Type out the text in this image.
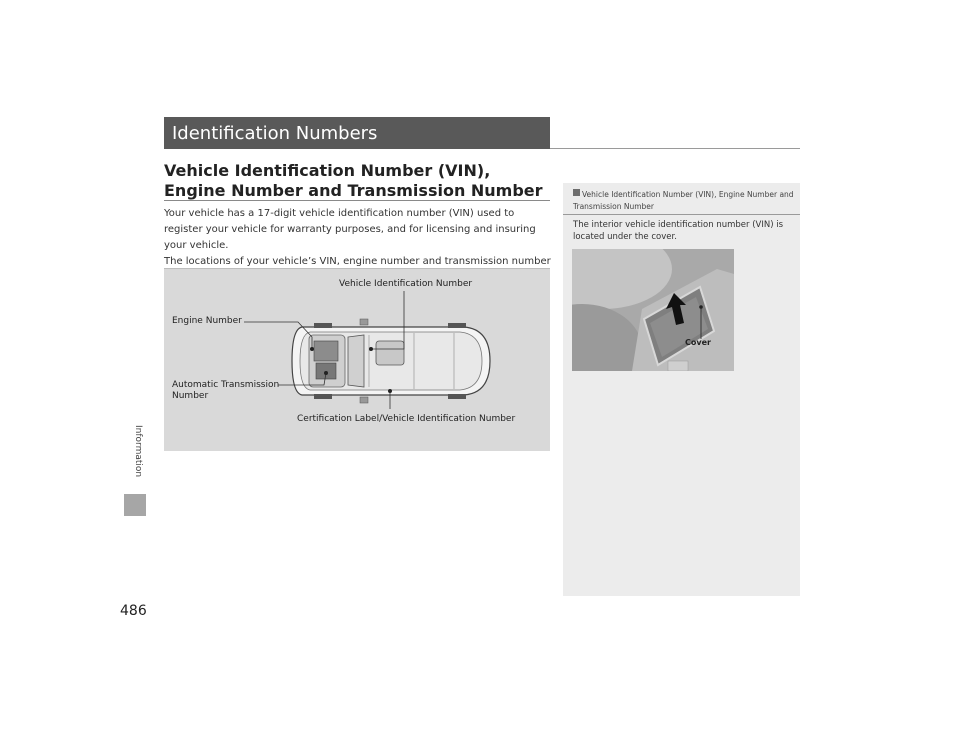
Information
486
Identification Numbers
Vehicle Identification Number (VIN), Engine Number and Transmission Number

Your vehicle has a 17-digit vehicle identification number (VIN) used to register your vehicle for warranty purposes, and for licensing and insuring your vehicle.

The locations of your vehicle’s VIN, engine number and transmission number

Vehicle Identification Number
Engine Number
Automatic Transmission Number
Certification Label/Vehicle Identification Number
Vehicle Identification Number (VIN), Engine Number and Transmission Number
The interior vehicle identification number (VIN) is located under the cover.
Cover
